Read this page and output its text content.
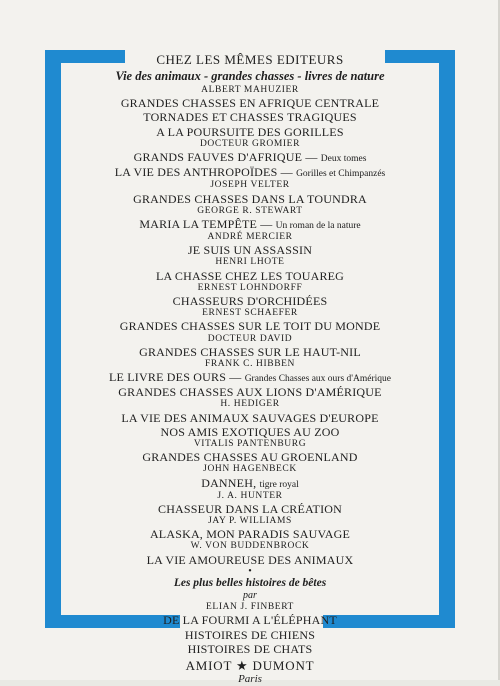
CHEZ LES MÊMES EDITEURS
Vie des animaux - grandes chasses - livres de nature
ALBERT MAHUZIER
GRANDES CHASSES EN AFRIQUE CENTRALE
TORNADES ET CHASSES TRAGIQUES
A LA POURSUITE DES GORILLES
DOCTEUR GROMIER
GRANDS FAUVES D'AFRIQUE — Deux tomes
LA VIE DES ANTHROPOÏDES — Gorilles et Chimpanzés
JOSEPH VELTER
GRANDES CHASSES DANS LA TOUNDRA
GEORGE R. STEWART
MARIA LA TEMPÊTE — Un roman de la nature
ANDRÉ MERCIER
JE SUIS UN ASSASSIN
HENRI LHOTE
LA CHASSE CHEZ LES TOUAREG
ERNEST LOHNDORFF
CHASSEURS D'ORCHIDÉES
ERNEST SCHAEFER
GRANDES CHASSES SUR LE TOIT DU MONDE
DOCTEUR DAVID
GRANDES CHASSES SUR LE HAUT-NIL
FRANK C. HIBBEN
LE LIVRE DES OURS — Grandes Chasses aux ours d'Amérique
GRANDES CHASSES AUX LIONS D'AMÉRIQUE
H. HEDIGER
LA VIE DES ANIMAUX SAUVAGES D'EUROPE
NOS AMIS EXOTIQUES AU ZOO
VITALIS PANTENBURG
GRANDES CHASSES AU GROENLAND
JOHN HAGENBECK
DANNEH, tigre royal
J. A. HUNTER
CHASSEUR DANS LA CRÉATION
JAY P. WILLIAMS
ALASKA, MON PARADIS SAUVAGE
W. VON BUDDENBROCK
LA VIE AMOUREUSE DES ANIMAUX
•
Les plus belles histoires de bêtes
par
ELIAN J. FINBERT
DE LA FOURMI A L'ÉLÉPHANT
HISTOIRES DE CHIENS
HISTOIRES DE CHATS
AMIOT ★ DUMONT
Paris
